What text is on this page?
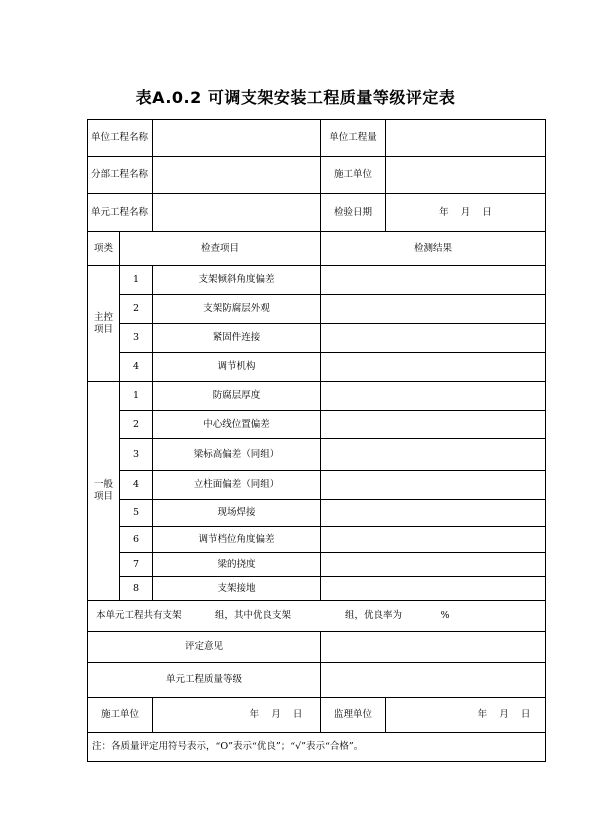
表A.0.2 可调支架安装工程质量等级评定表
单位工程名称	单位工程量
分部工程名称	施工单位
单元工程名称	检验日期	年    月    日
项类	检查项目	检测结果
主控
项目
1	支架倾斜角度偏差
2	支架防腐层外观
3	紧固件连接
4	调节机构
一般
项目
1	防腐层厚度
2	中心线位置偏差
3	梁标高偏差（同组）
4	立柱面偏差（同组）
5	现场焊接
6	调节档位角度偏差
7	梁的挠度
8	支架接地
本单元工程共有支架	组，其中优良支架	组，优良率为	%
评定意见
单元工程质量等级
施工单位	年    月    日	监理单位	年    月    日
注：各质量评定用符号表示，“O”表示“优良”；“√”表示“合格”。
